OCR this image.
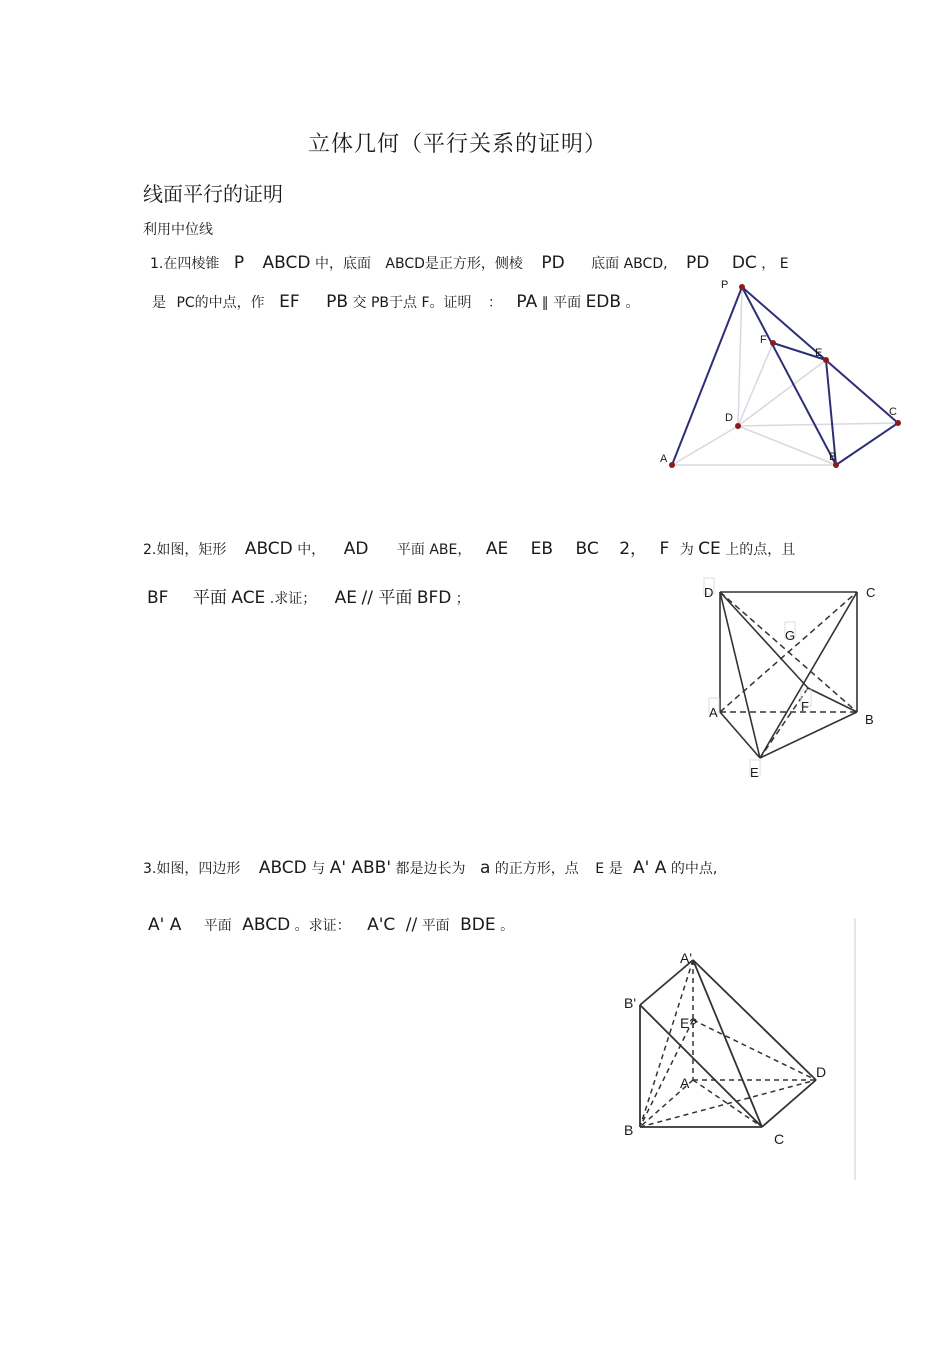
立体几何（平行关系的证明）
线面平行的证明
利用中位线
1.在四棱锥 P ABCD 中，底面 ABCD是正方形，侧棱 PD 底面 ABCD, PD DC ， E
是 PC的中点，作 EF PB 交 PB于点 F。证明 ： PA ∥ 平面 EDB 。
P
F
E
D	C
A	B
2.如图，矩形 ABCD 中， AD 平面 ABE， AE EB BC 2， F 为 CE 上的点，且
BF 平面 ACE .求证； AE // 平面 BFD ；	D	C
G
A	F
B
E
3.如图，四边形 ABCD 与 A' ABB' 都是边长为 a 的正方形，点 E 是 A' A 的中点,
A' A 平面 ABCD 。求证： A'C // 平面 BDE 。
A'
B'
E?
A
D
B
C
